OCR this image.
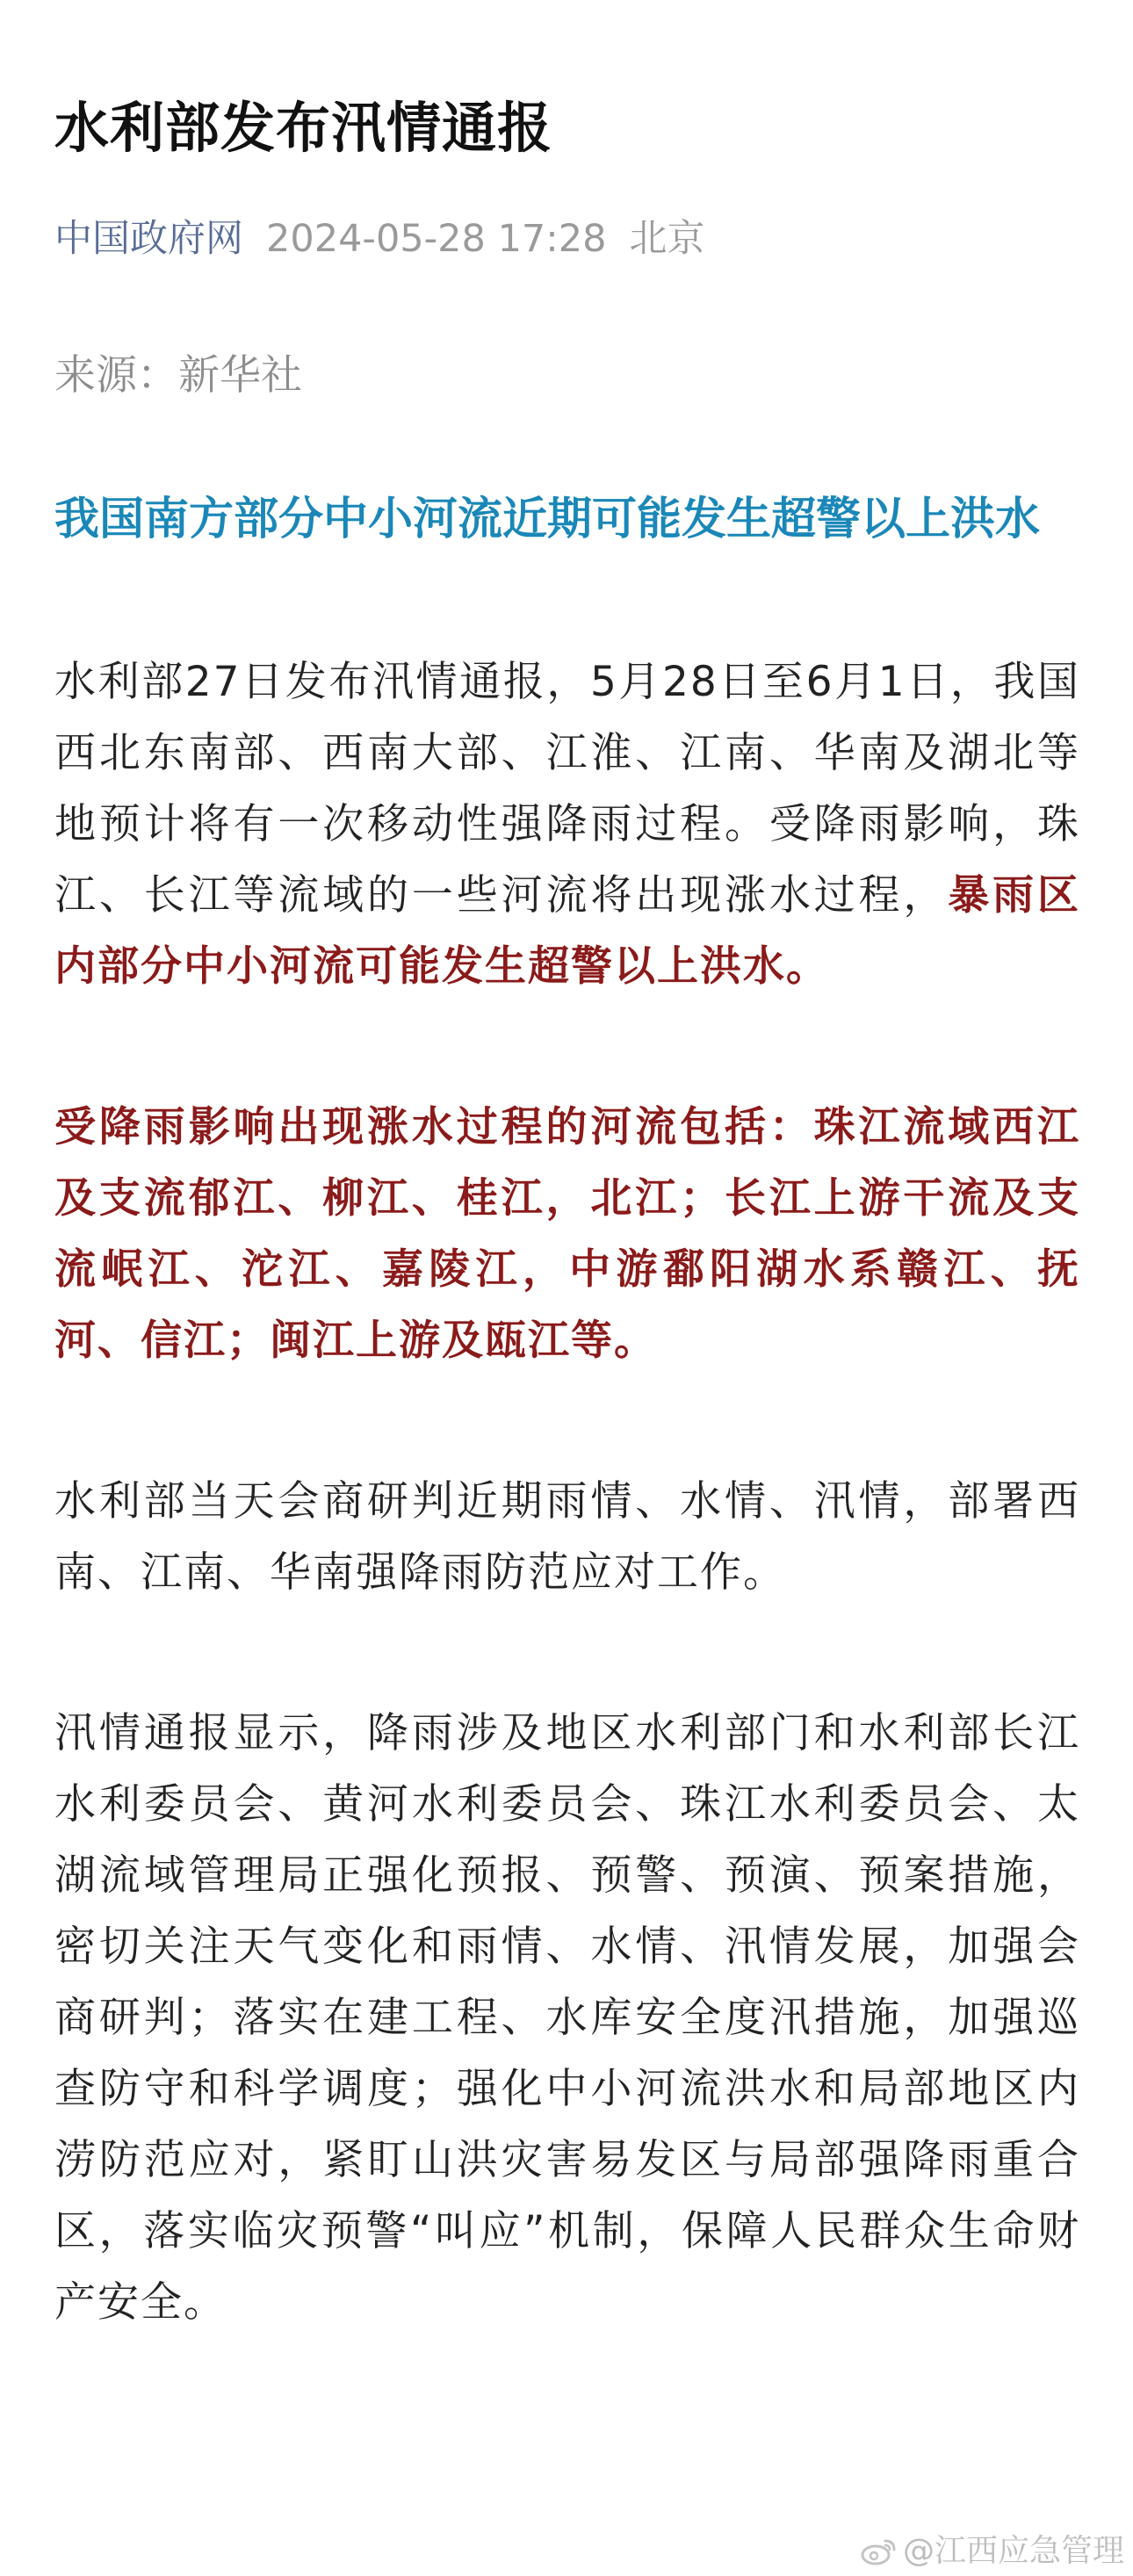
水利部发布汛情通报
中国政府网 2024-05-28 17:28 北京
来源：新华社
我国南方部分中小河流近期可能发生超警以上洪水

水利部27日发布汛情通报，5月28日至6月1日，我国西北东南部、西南大部、江淮、江南、华南及湖北等地预计将有一次移动性强降雨过程。受降雨影响，珠江、长江等流域的一些河流将出现涨水过程，暴雨区内部分中小河流可能发生超警以上洪水。

受降雨影响出现涨水过程的河流包括：珠江流域西江及支流郁江、柳江、桂江，北江；长江上游干流及支流岷江、沱江、嘉陵江，中游鄱阳湖水系赣江、抚河、信江；闽江上游及瓯江等。

水利部当天会商研判近期雨情、水情、汛情，部署西南、江南、华南强降雨防范应对工作。

汛情通报显示，降雨涉及地区水利部门和水利部长江水利委员会、黄河水利委员会、珠江水利委员会、太湖流域管理局正强化预报、预警、预演、预案措施，密切关注天气变化和雨情、水情、汛情发展，加强会商研判；落实在建工程、水库安全度汛措施，加强巡查防守和科学调度；强化中小河流洪水和局部地区内涝防范应对，紧盯山洪灾害易发区与局部强降雨重合区，落实临灾预警“叫应”机制，保障人民群众生命财产安全。

@江西应急管理
